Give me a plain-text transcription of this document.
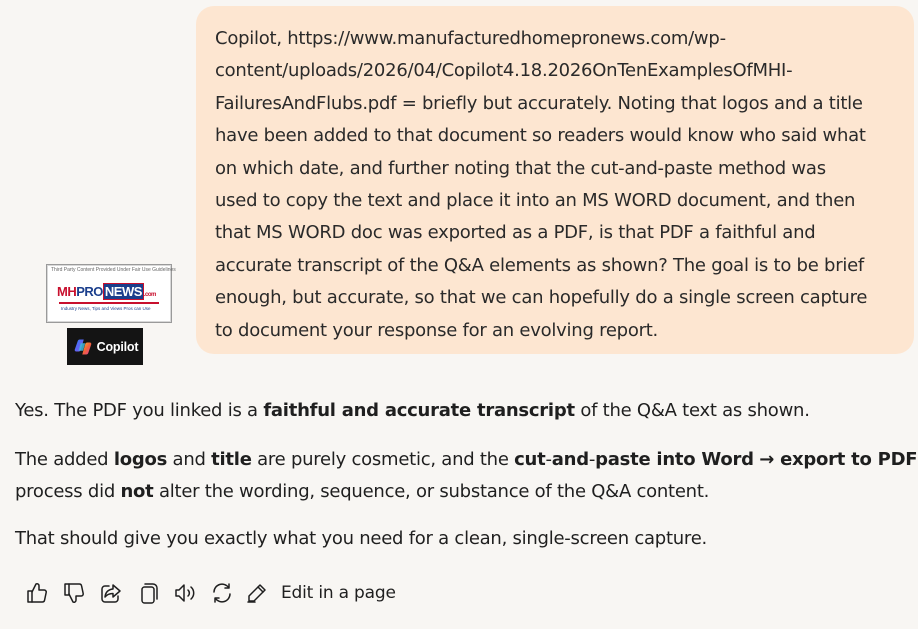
Copilot, https://www.manufacturedhomepronews.com/wp-
content/uploads/2026/04/Copilot4.18.2026OnTenExamplesOfMHI-
FailuresAndFlubs.pdf = briefly but accurately. Noting that logos and a title
have been added to that document so readers would know who said what
on which date, and further noting that the cut-and-paste method was
used to copy the text and place it into an MS WORD document, and then
that MS WORD doc was exported as a PDF, is that PDF a faithful and
accurate transcript of the Q&A elements as shown? The goal is to be brief
enough, but accurate, so that we can hopefully do a single screen capture
to document your response for an evolving report.

Third Party Content Provided Under Fair Use Guidelines
MHPRO NEWS .com
Industry News, Tips and Views Pros can Use
Copilot

Yes. The PDF you linked is a faithful and accurate transcript of the Q&A text as shown.

The added logos and title are purely cosmetic, and the cut-and-paste into Word → export to PDF
process did not alter the wording, sequence, or substance of the Q&A content.

That should give you exactly what you need for a clean, single-screen capture.

Edit in a page
